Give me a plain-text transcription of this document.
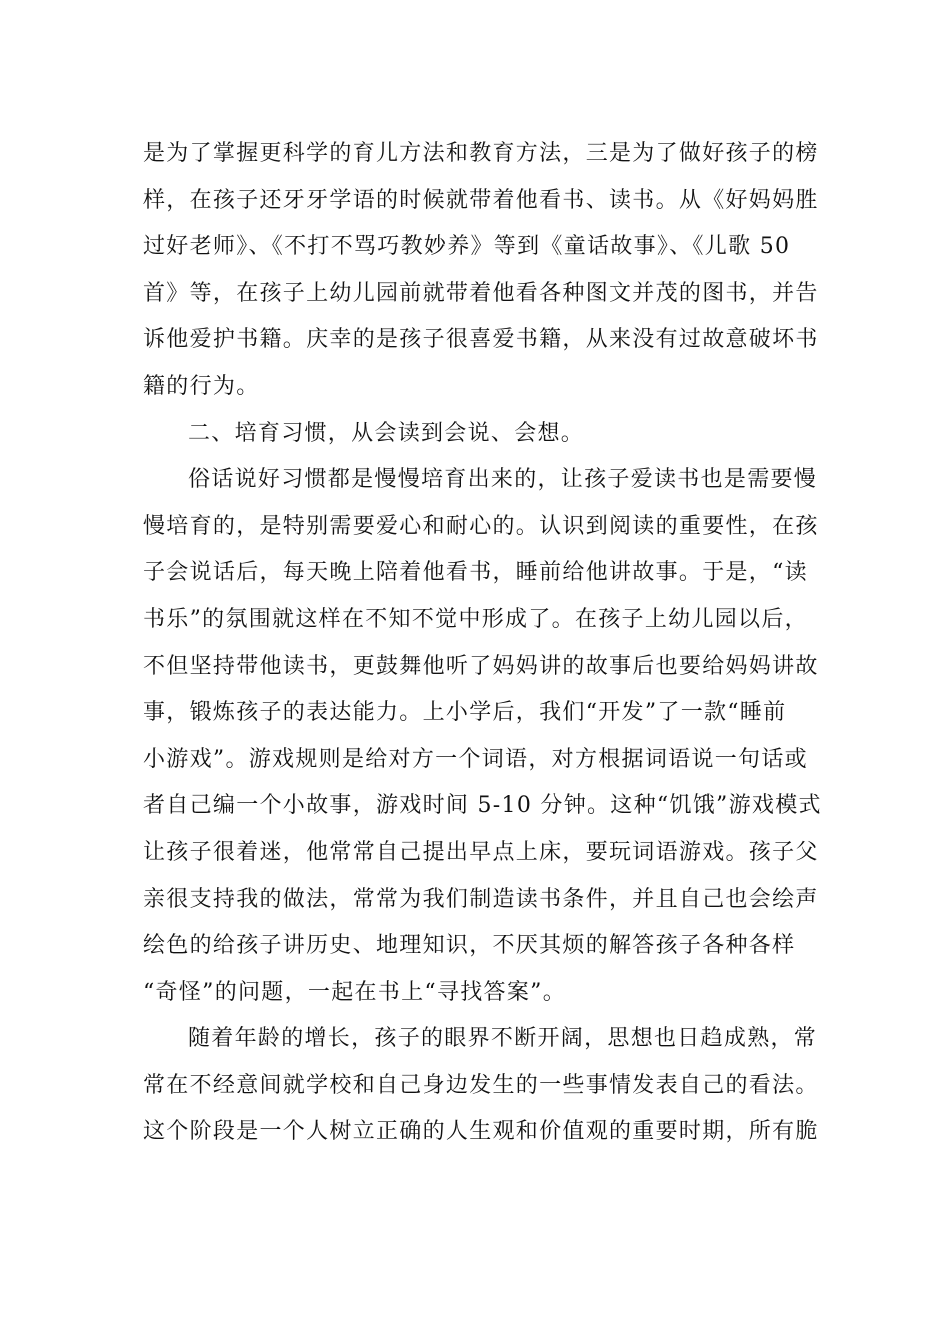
是为了掌握更科学的育儿方法和教育方法，三是为了做好孩子的榜
样，在孩子还牙牙学语的时候就带着他看书、读书。从《好妈妈胜
过好老师》、《不打不骂巧教妙养》等到《童话故事》、《儿歌 50
首》等，在孩子上幼儿园前就带着他看各种图文并茂的图书，并告
诉他爱护书籍。庆幸的是孩子很喜爱书籍，从来没有过故意破坏书
籍的行为。
二、培育习惯，从会读到会说、会想。
俗话说好习惯都是慢慢培育出来的，让孩子爱读书也是需要慢
慢培育的，是特别需要爱心和耐心的。认识到阅读的重要性，在孩
子会说话后，每天晚上陪着他看书，睡前给他讲故事。于是，“读
书乐”的氛围就这样在不知不觉中形成了。在孩子上幼儿园以后，
不但坚持带他读书，更鼓舞他听了妈妈讲的故事后也要给妈妈讲故
事，锻炼孩子的表达能力。上小学后，我们“开发”了一款“睡前
小游戏”。游戏规则是给对方一个词语，对方根据词语说一句话或
者自己编一个小故事，游戏时间 5-10 分钟。这种“饥饿”游戏模式
让孩子很着迷，他常常自己提出早点上床，要玩词语游戏。孩子父
亲很支持我的做法，常常为我们制造读书条件，并且自己也会绘声
绘色的给孩子讲历史、地理知识，不厌其烦的解答孩子各种各样
“奇怪”的问题，一起在书上“寻找答案”。
随着年龄的增长，孩子的眼界不断开阔，思想也日趋成熟，常
常在不经意间就学校和自己身边发生的一些事情发表自己的看法。
这个阶段是一个人树立正确的人生观和价值观的重要时期，所有脆
